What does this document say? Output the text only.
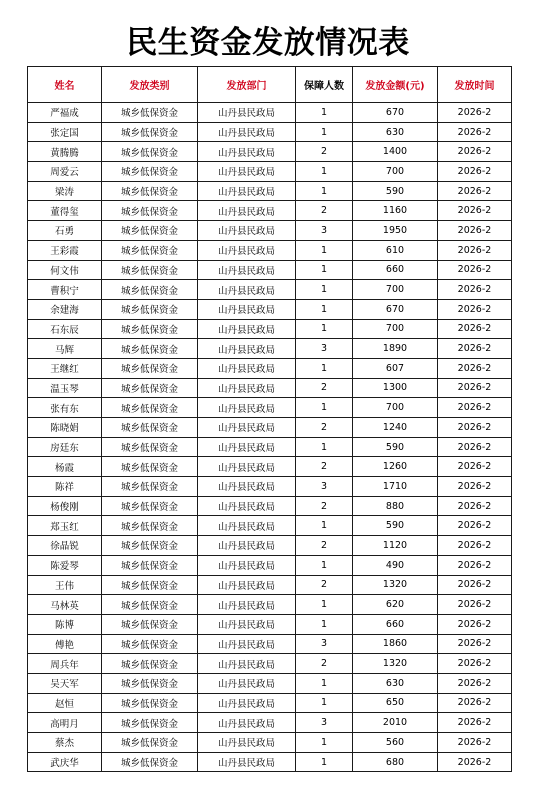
民生资金发放情况表
姓名	发放类别	发放部门	保障人数	发放金额(元)	发放时间
严福成	城乡低保资金	山丹县民政局	1	670	2026-2
张定国	城乡低保资金	山丹县民政局	1	630	2026-2
黄腾腾	城乡低保资金	山丹县民政局	2	1400	2026-2
周爱云	城乡低保资金	山丹县民政局	1	700	2026-2
梁涛	城乡低保资金	山丹县民政局	1	590	2026-2
董得玺	城乡低保资金	山丹县民政局	2	1160	2026-2
石勇	城乡低保资金	山丹县民政局	3	1950	2026-2
王彩霞	城乡低保资金	山丹县民政局	1	610	2026-2
何文伟	城乡低保资金	山丹县民政局	1	660	2026-2
曹积宁	城乡低保资金	山丹县民政局	1	700	2026-2
余建海	城乡低保资金	山丹县民政局	1	670	2026-2
石东辰	城乡低保资金	山丹县民政局	1	700	2026-2
马辉	城乡低保资金	山丹县民政局	3	1890	2026-2
王继红	城乡低保资金	山丹县民政局	1	607	2026-2
温玉琴	城乡低保资金	山丹县民政局	2	1300	2026-2
张有东	城乡低保资金	山丹县民政局	1	700	2026-2
陈晓娟	城乡低保资金	山丹县民政局	2	1240	2026-2
房廷东	城乡低保资金	山丹县民政局	1	590	2026-2
杨霞	城乡低保资金	山丹县民政局	2	1260	2026-2
陈祥	城乡低保资金	山丹县民政局	3	1710	2026-2
杨俊刚	城乡低保资金	山丹县民政局	2	880	2026-2
郑玉红	城乡低保资金	山丹县民政局	1	590	2026-2
徐晶锐	城乡低保资金	山丹县民政局	2	1120	2026-2
陈爱琴	城乡低保资金	山丹县民政局	1	490	2026-2
王伟	城乡低保资金	山丹县民政局	2	1320	2026-2
马林英	城乡低保资金	山丹县民政局	1	620	2026-2
陈博	城乡低保资金	山丹县民政局	1	660	2026-2
傅艳	城乡低保资金	山丹县民政局	3	1860	2026-2
周兵年	城乡低保资金	山丹县民政局	2	1320	2026-2
吴天军	城乡低保资金	山丹县民政局	1	630	2026-2
赵恒	城乡低保资金	山丹县民政局	1	650	2026-2
高明月	城乡低保资金	山丹县民政局	3	2010	2026-2
蔡杰	城乡低保资金	山丹县民政局	1	560	2026-2
武庆华	城乡低保资金	山丹县民政局	1	680	2026-2
